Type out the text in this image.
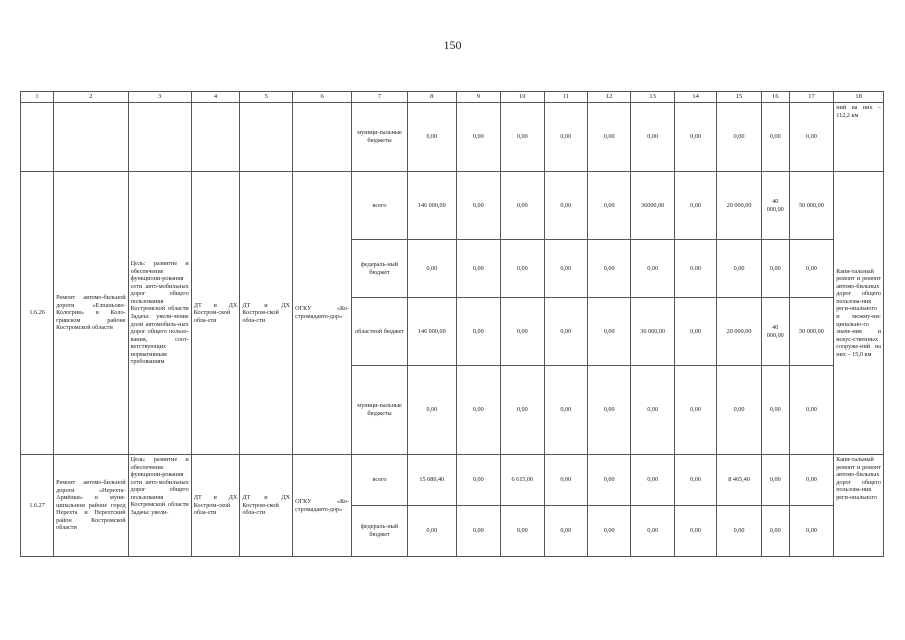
150
1	2	3	4	5	6	7	8	9	10	11	12	13	14	15	16	17	18
						муници-пальные бюджеты	0,00	0,00	0,00	0,00	0,00	0,00	0,00	0,00	0,00	0,00	ний на них – 112,2 км
1.6.26	Ремонт автомо-бильной дороги «Елпаньово-Кологрив» в Коло-гривском районе Костромской области	Цель: развитие и обеспечение функциони-рования сети авто-мобильных дорог общего пользования Костромской области Задача: увели-чение доли автомобиль-ных дорог общего пользо-вания, соот-ветствующих нормативным требованиям	ДТ и ДХ Костром-ской обла-сти	ДТ и ДХ Костром-ской обла-сти	ОГКУ «Ко-стромадавто-дор»	всего	146 000,00	0,00	0,00	0,00	0,00	36000,00	0,00	20 000,00	40 000,00	50 000,00	Капи-тальный ремонт и ремонт автомо-бильных дорог общего пользова-ния реги-онального и межму-ни-ципально-го значе-ния и искус-ственных сооруже-ний на них – 15,0 км
						федераль-ный бюджет	0,00	0,00	0,00	0,00	0,00	0,00	0,00	0,00	0,00	0,00	
						областной бюджет	146 000,00	0,00	0,00	0,00	0,00	36 000,00	0,00	20 000,00	40 000,00	50 000,00	
						муници-пальные бюджеты	0,00	0,00	0,00	0,00	0,00	0,00	0,00	0,00	0,00	0,00	
1.6.27	Ремонт автомо-бильной дороги «Нерехта-Армёнки» в муни-ципальном районе город Нерехта и Нерехтский район Костромской области	Цель: развитие и обеспечение функциони-рования сети авто-мобильных дорог общего пользования Костромской области Задача: увели-	ДТ и ДХ Костром-ской обла-сти	ДТ и ДХ Костром-ской обла-сти	ОГКУ «Ко-стромадавто-дор»	всего	15 080,40	0,00	6 615,00	0,00	0,00	0,00	0,00	8 465,40	0,00	0,00	Капи-тальный ремонт и ремонт автомо-бильных дорог общего пользова-ния реги-онального
						федераль-ный бюджет	0,00	0,00	0,00	0,00	0,00	0,00	0,00	0,00	0,00	0,00	
